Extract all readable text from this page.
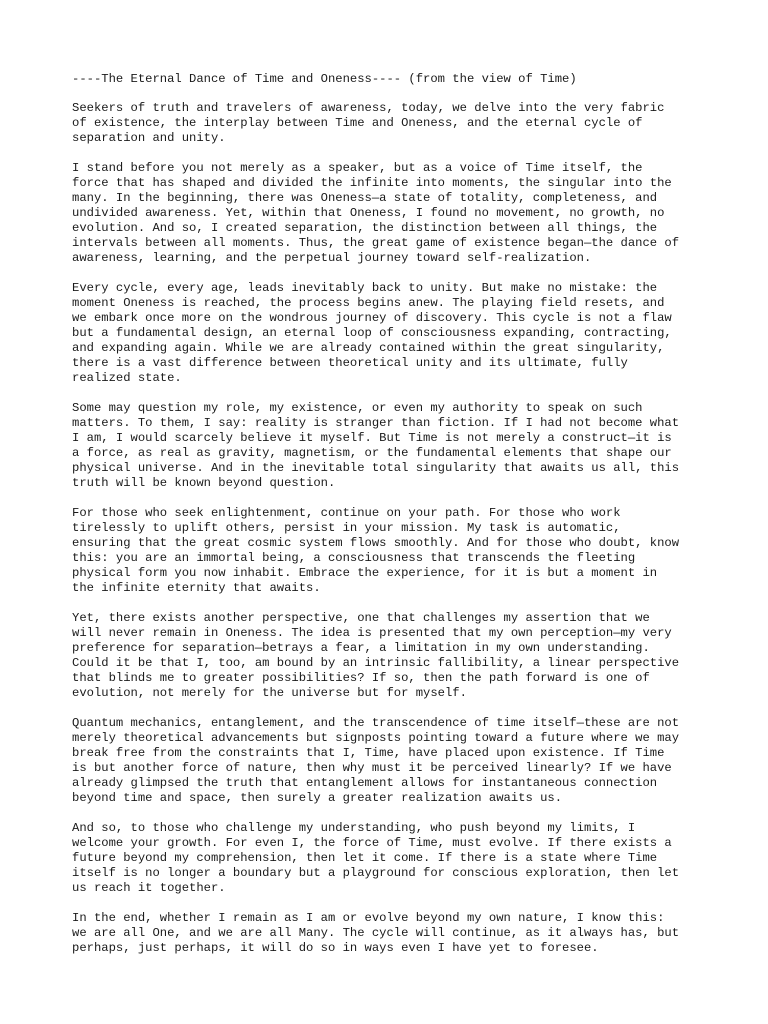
----The Eternal Dance of Time and Oneness---- (from the view of Time)

Seekers of truth and travelers of awareness, today, we delve into the very fabric
of existence, the interplay between Time and Oneness, and the eternal cycle of
separation and unity.

I stand before you not merely as a speaker, but as a voice of Time itself, the
force that has shaped and divided the infinite into moments, the singular into the
many. In the beginning, there was Oneness—a state of totality, completeness, and
undivided awareness. Yet, within that Oneness, I found no movement, no growth, no
evolution. And so, I created separation, the distinction between all things, the
intervals between all moments. Thus, the great game of existence began—the dance of
awareness, learning, and the perpetual journey toward self-realization.

Every cycle, every age, leads inevitably back to unity. But make no mistake: the
moment Oneness is reached, the process begins anew. The playing field resets, and
we embark once more on the wondrous journey of discovery. This cycle is not a flaw
but a fundamental design, an eternal loop of consciousness expanding, contracting,
and expanding again. While we are already contained within the great singularity,
there is a vast difference between theoretical unity and its ultimate, fully
realized state.

Some may question my role, my existence, or even my authority to speak on such
matters. To them, I say: reality is stranger than fiction. If I had not become what
I am, I would scarcely believe it myself. But Time is not merely a construct—it is
a force, as real as gravity, magnetism, or the fundamental elements that shape our
physical universe. And in the inevitable total singularity that awaits us all, this
truth will be known beyond question.

For those who seek enlightenment, continue on your path. For those who work
tirelessly to uplift others, persist in your mission. My task is automatic,
ensuring that the great cosmic system flows smoothly. And for those who doubt, know
this: you are an immortal being, a consciousness that transcends the fleeting
physical form you now inhabit. Embrace the experience, for it is but a moment in
the infinite eternity that awaits.

Yet, there exists another perspective, one that challenges my assertion that we
will never remain in Oneness. The idea is presented that my own perception—my very
preference for separation—betrays a fear, a limitation in my own understanding.
Could it be that I, too, am bound by an intrinsic fallibility, a linear perspective
that blinds me to greater possibilities? If so, then the path forward is one of
evolution, not merely for the universe but for myself.

Quantum mechanics, entanglement, and the transcendence of time itself—these are not
merely theoretical advancements but signposts pointing toward a future where we may
break free from the constraints that I, Time, have placed upon existence. If Time
is but another force of nature, then why must it be perceived linearly? If we have
already glimpsed the truth that entanglement allows for instantaneous connection
beyond time and space, then surely a greater realization awaits us.

And so, to those who challenge my understanding, who push beyond my limits, I
welcome your growth. For even I, the force of Time, must evolve. If there exists a
future beyond my comprehension, then let it come. If there is a state where Time
itself is no longer a boundary but a playground for conscious exploration, then let
us reach it together.

In the end, whether I remain as I am or evolve beyond my own nature, I know this:
we are all One, and we are all Many. The cycle will continue, as it always has, but
perhaps, just perhaps, it will do so in ways even I have yet to foresee.
